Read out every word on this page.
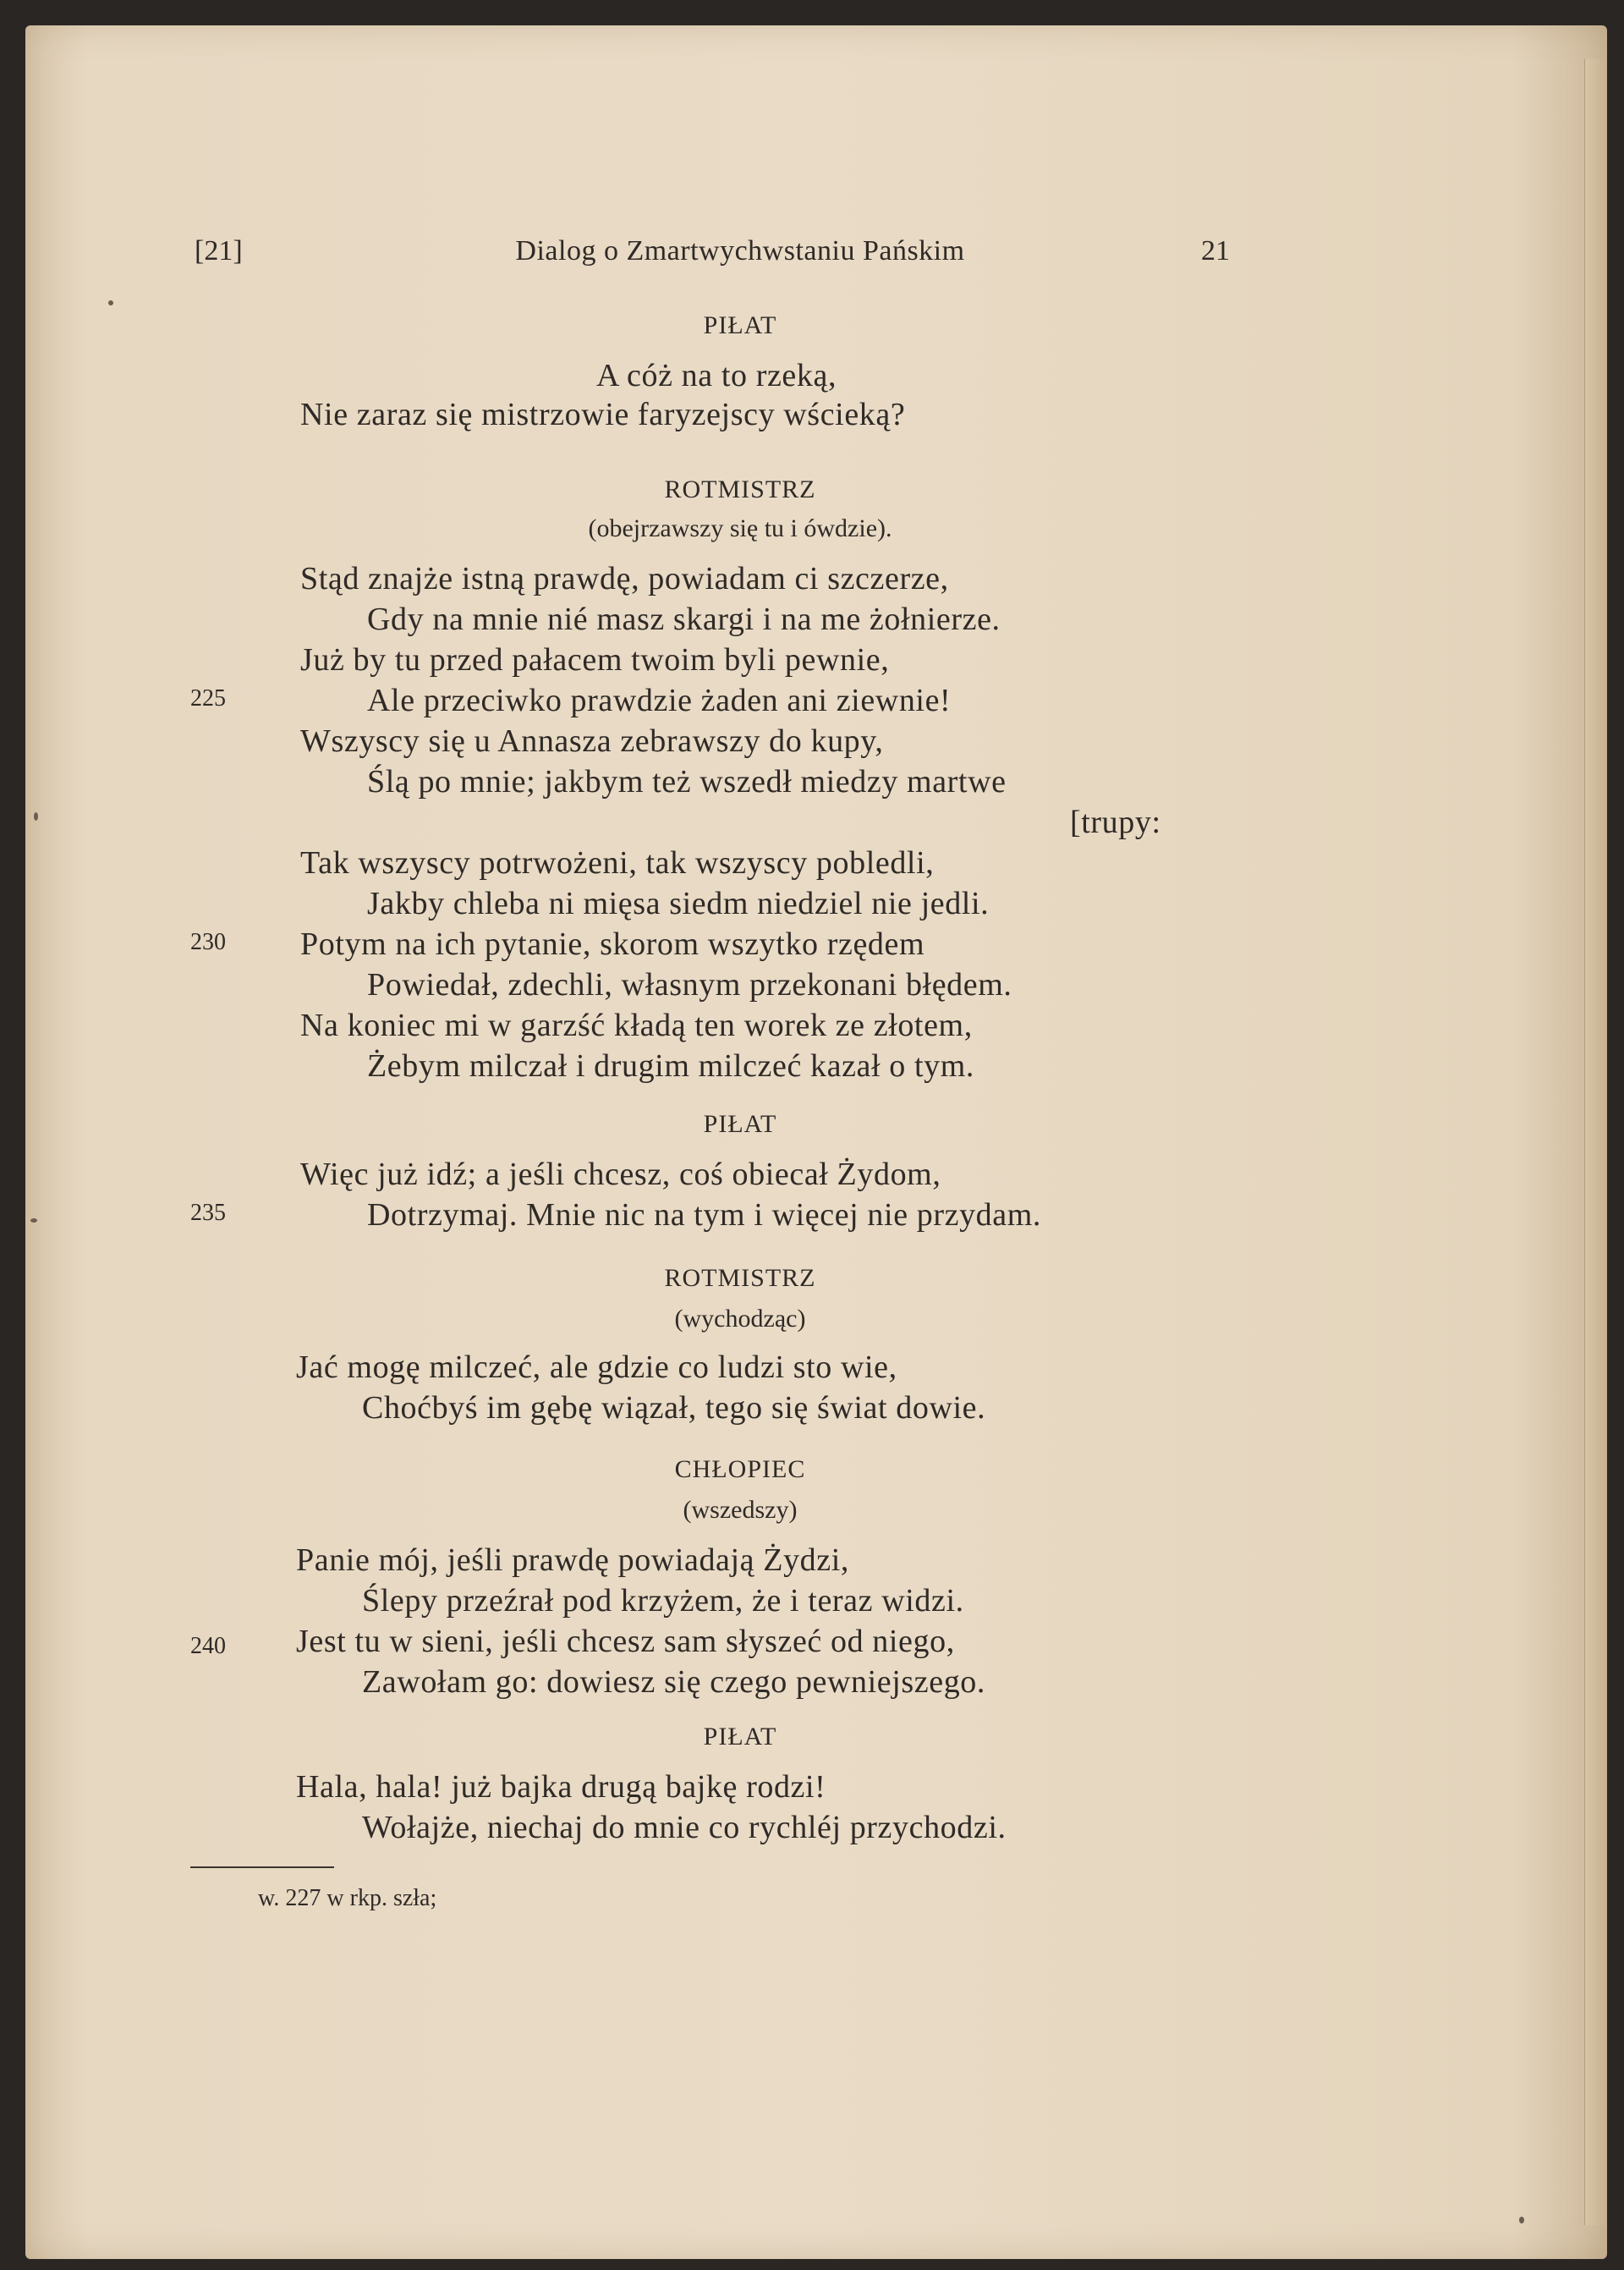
[21]	Dialog o Zmartwychwstaniu Pańskim	21
PIŁAT
A cóż na to rzeką,
Nie zaraz się mistrzowie faryzejscy wścieką?
ROTMISTRZ
(obejrzawszy się tu i ówdzie).
Stąd znajże istną prawdę, powiadam ci szczerze,
Gdy na mnie nié masz skargi i na me żołnierze.
Już by tu przed pałacem twoim byli pewnie,
225	Ale przeciwko prawdzie żaden ani ziewnie!
Wszyscy się u Annasza zebrawszy do kupy,
Ślą po mnie; jakbym też wszedł miedzy martwe
[trupy:
Tak wszyscy potrwożeni, tak wszyscy pobledli,
Jakby chleba ni mięsa siedm niedziel nie jedli.
230 Potym na ich pytanie, skorom wszytko rzędem
Powiedał, zdechli, własnym przekonani błędem.
Na koniec mi w garzść kładą ten worek ze złotem,
Żebym milczał i drugim milczeć kazał o tym.
PIŁAT
Więc już idź; a jeśli chcesz, coś obiecał Żydom,
235	Dotrzymaj. Mnie nic na tym i więcej nie przydam.
ROTMISTRZ
(wychodząc)
Jać mogę milczeć, ale gdzie co ludzi sto wie,
Choćbyś im gębę wiązał, tego się świat dowie.
CHŁOPIEC
(wszedszy)
Panie mój, jeśli prawdę powiadają Żydzi,
Ślepy przeźrał pod krzyżem, że i teraz widzi.
240 Jest tu w sieni, jeśli chcesz sam słyszeć od niego,
Zawołam go: dowiesz się czego pewniejszego.
PIŁAT
Hala, hala! już bajka drugą bajkę rodzi!
Wołajże, niechaj do mnie co rychléj przychodzi.
w. 227 w rkp. szła;
